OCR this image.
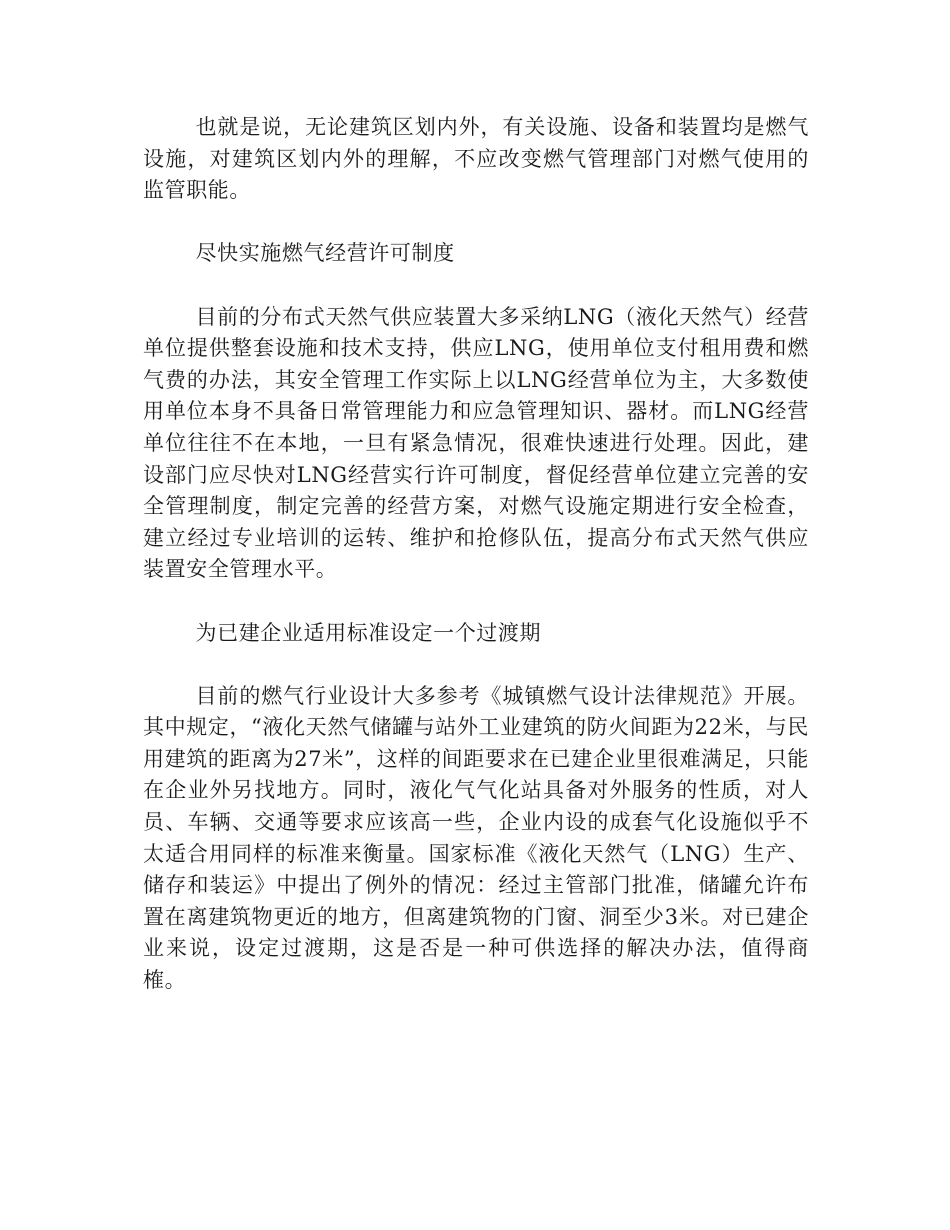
也就是说，无论建筑区划内外，有关设施、设备和装置均是燃气设施，对建筑区划内外的理解，不应改变燃气管理部门对燃气使用的监管职能。

尽快实施燃气经营许可制度

目前的分布式天然气供应装置大多采纳LNG（液化天然气）经营单位提供整套设施和技术支持，供应LNG，使用单位支付租用费和燃气费的办法，其安全管理工作实际上以LNG经营单位为主，大多数使用单位本身不具备日常管理能力和应急管理知识、器材。而LNG经营单位往往不在本地，一旦有紧急情况，很难快速进行处理。因此，建设部门应尽快对LNG经营实行许可制度，督促经营单位建立完善的安全管理制度，制定完善的经营方案，对燃气设施定期进行安全检查，建立经过专业培训的运转、维护和抢修队伍，提高分布式天然气供应装置安全管理水平。

为已建企业适用标准设定一个过渡期

目前的燃气行业设计大多参考《城镇燃气设计法律规范》开展。其中规定，“液化天然气储罐与站外工业建筑的防火间距为22米，与民用建筑的距离为27米”，这样的间距要求在已建企业里很难满足，只能在企业外另找地方。同时，液化气气化站具备对外服务的性质，对人员、车辆、交通等要求应该高一些，企业内设的成套气化设施似乎不太适合用同样的标准来衡量。国家标准《液化天然气（LNG）生产、储存和装运》中提出了例外的情况：经过主管部门批准，储罐允许布置在离建筑物更近的地方，但离建筑物的门窗、洞至少3米。对已建企业来说，设定过渡期，这是否是一种可供选择的解决办法，值得商榷。
